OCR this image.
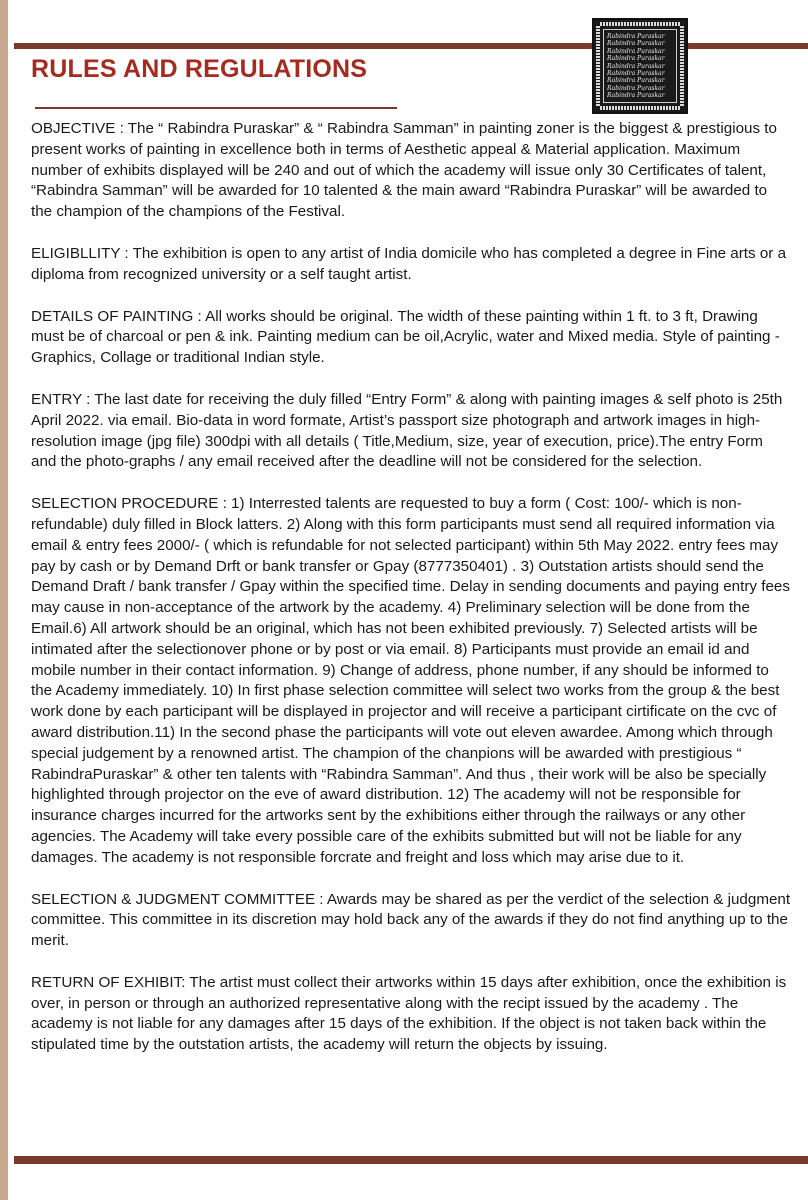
RULES AND REGULATIONS
Rabindra Puraskar
Rabindra Puraskar
Rabindra Puraskar
Rabindra Puraskar
Rabindra Puraskar
Rabindra Puraskar
Rabindra Puraskar
Rabindra Puraskar
Rabindra Puraskar

OBJECTIVE : The “ Rabindra Puraskar” & “ Rabindra Samman” in painting zoner is the biggest & prestigious to present works of painting in excellence both in terms of Aesthetic appeal & Material application. Maximum number of exhibits displayed will be 240 and out of which the academy will issue only 30 Certificates of talent, “Rabindra Samman” will be awarded for 10 talented & the main award “Rabindra Puraskar” will be awarded to the champion of the champions of the Festival.

ELIGIBLLITY : The exhibition is open to any artist of India domicile who has completed a degree in Fine arts or a diploma from recognized university or a self taught artist.

DETAILS OF PAINTING : All works should be original. The width of these painting within 1 ft. to 3 ft, Drawing must be of charcoal or pen & ink. Painting medium can be oil,Acrylic, water and Mixed media. Style of painting - Graphics, Collage or traditional Indian style.

ENTRY : The last date for receiving the duly filled “Entry Form” & along with painting images & self photo is 25th April 2022. via email. Bio-data in word formate, Artist’s passport size photograph and artwork images in high-resolution image (jpg file) 300dpi with all details ( Title,Medium, size, year of execution, price).The entry Form and the photo-graphs / any email received after the deadline will not be considered for the selection.

SELECTION PROCEDURE : 1) Interrested talents are requested to buy a form ( Cost: 100/- which is non-refundable) duly filled in Block latters. 2) Along with this form participants must send all required information via email & entry fees 2000/- ( which is refundable for not selected participant) within 5th May 2022. entry fees may pay by cash or by Demand Drft or bank transfer or Gpay (8777350401) . 3) Outstation artists should send the Demand Draft / bank transfer / Gpay within the specified time. Delay in sending documents and paying entry fees may cause in non-acceptance of the artwork by the academy. 4) Preliminary selection will be done from the Email.6) All artwork should be an original, which has not been exhibited previously. 7) Selected artists will be intimated after the selectionover phone or by post or via email. 8) Participants must provide an email id and mobile number in their contact information. 9) Change of address, phone number, if any should be informed to the Academy immediately. 10) In first phase selection committee will select two works from the group & the best work done by each participant will be displayed in projector and will receive a participant cirtificate on the cvc of award distribution.11) In the second phase the participants will vote out eleven awardee. Among which through special judgement by a renowned artist. The champion of the chanpions will be awarded with prestigious “ RabindraPuraskar” & other ten talents with “Rabindra Samman”. And thus , their work will be also be specially highlighted through projector on the eve of award distribution. 12) The academy will not be responsible for insurance charges incurred for the artworks sent by the exhibitions either through the railways or any other agencies. The Academy will take every possible care of the exhibits submitted but will not be liable for any damages. The academy is not responsible forcrate and freight and loss which may arise due to it.

SELECTION & JUDGMENT COMMITTEE : Awards may be shared as per the verdict of the selection & judgment committee. This committee in its discretion may hold back any of the awards if they do not find anything up to the merit.

RETURN OF EXHIBIT: The artist must collect their artworks within 15 days after exhibition, once the exhibition is
over, in person or through an authorized representative along with the recipt issued by the academy . The academy is not liable for any damages after 15 days of the exhibition. If the object is not taken back within the stipulated time by the outstation artists, the academy will return the objects by issuing.
